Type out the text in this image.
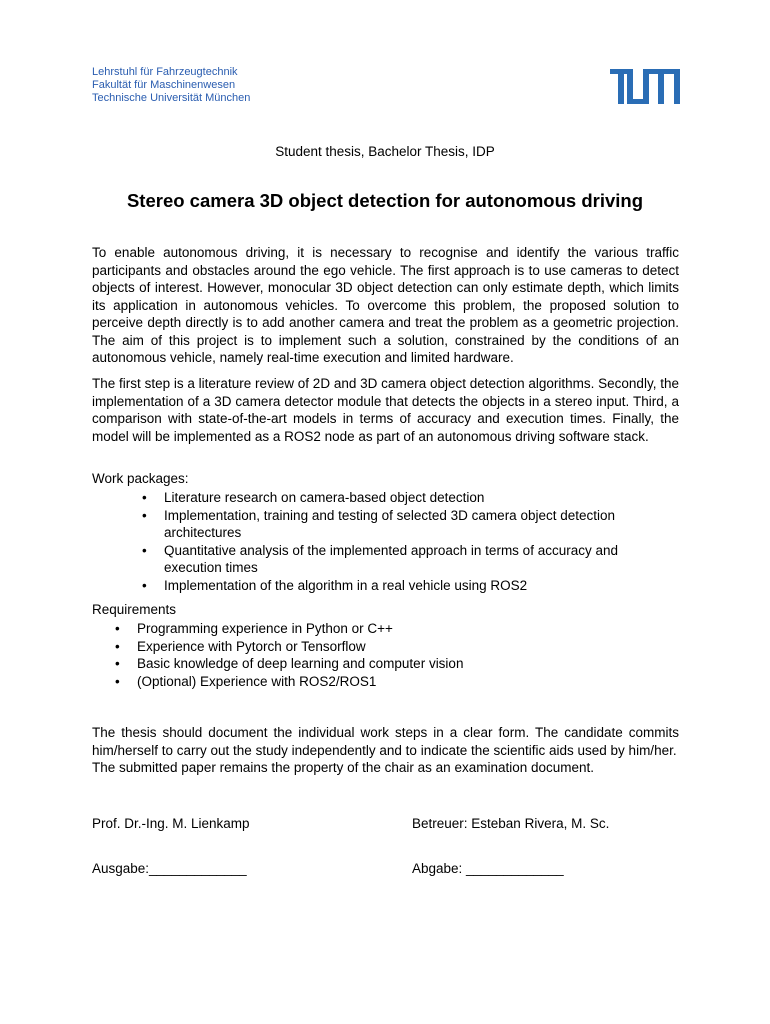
Lehrstuhl für Fahrzeugtechnik
Fakultät für Maschinenwesen
Technische Universität München
Student thesis, Bachelor Thesis, IDP
Stereo camera 3D object detection for autonomous driving
To enable autonomous driving, it is necessary to recognise and identify the various traffic participants and obstacles around the ego vehicle. The first approach is to use cameras to detect objects of interest. However, monocular 3D object detection can only estimate depth, which limits its application in autonomous vehicles. To overcome this problem, the proposed solution to perceive depth directly is to add another camera and treat the problem as a geometric projection. The aim of this project is to implement such a solution, constrained by the conditions of an autonomous vehicle, namely real-time execution and limited hardware.
The first step is a literature review of 2D and 3D camera object detection algorithms. Secondly, the implementation of a 3D camera detector module that detects the objects in a stereo input. Third, a comparison with state-of-the-art models in terms of accuracy and execution times. Finally, the model will be implemented as a ROS2 node as part of an autonomous driving software stack.
Work packages:
• Literature research on camera-based object detection
• Implementation, training and testing of selected 3D camera object detection architectures
• Quantitative analysis of the implemented approach in terms of accuracy and execution times
• Implementation of the algorithm in a real vehicle using ROS2
Requirements
• Programming experience in Python or C++
• Experience with Pytorch or Tensorflow
• Basic knowledge of deep learning and computer vision
• (Optional) Experience with ROS2/ROS1
The thesis should document the individual work steps in a clear form. The candidate commits him/herself to carry out the study independently and to indicate the scientific aids used by him/her.
The submitted paper remains the property of the chair as an examination document.
Prof. Dr.-Ing. M. Lienkamp	Betreuer: Esteban Rivera, M. Sc.
Ausgabe:_____________	Abgabe: _____________
